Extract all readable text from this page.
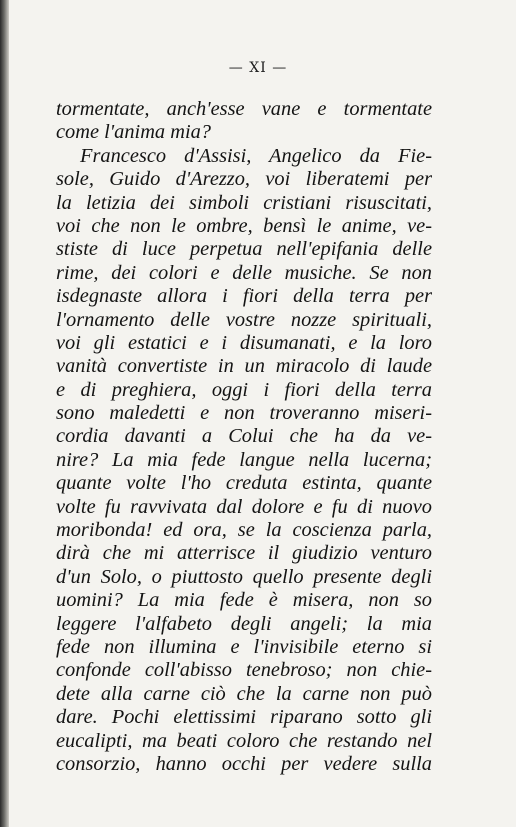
— XI —
tormentate, anch'esse vane e tormentate
come l'anima mia?
Francesco d'Assisi, Angelico da Fie-
sole, Guido d'Arezzo, voi liberatemi per
la letizia dei simboli cristiani risuscitati,
voi che non le ombre, bensì le anime, ve-
stiste di luce perpetua nell'epifania delle
rime, dei colori e delle musiche. Se non
isdegnaste allora i fiori della terra per
l'ornamento delle vostre nozze spirituali,
voi gli estatici e i disumanati, e la loro
vanità convertiste in un miracolo di laude
e di preghiera, oggi i fiori della terra
sono maledetti e non troveranno miseri-
cordia davanti a Colui che ha da ve-
nire? La mia fede langue nella lucerna;
quante volte l'ho creduta estinta, quante
volte fu ravvivata dal dolore e fu di nuovo
moribonda! ed ora, se la coscienza parla,
dirà che mi atterrisce il giudizio venturo
d'un Solo, o piuttosto quello presente degli
uomini? La mia fede è misera, non so
leggere l'alfabeto degli angeli; la mia
fede non illumina e l'invisibile eterno si
confonde coll'abisso tenebroso; non chie-
dete alla carne ciò che la carne non può
dare. Pochi elettissimi riparano sotto gli
eucalipti, ma beati coloro che restando nel
consorzio, hanno occhi per vedere sulla
